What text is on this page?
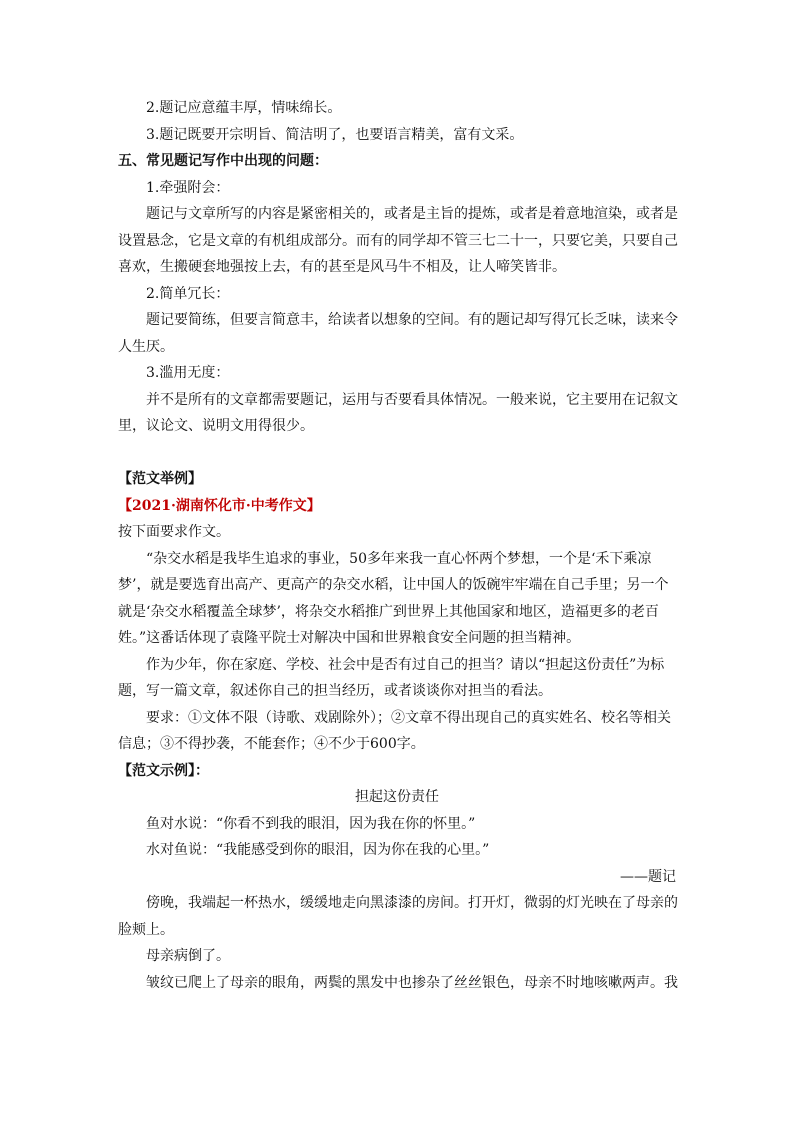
2.题记应意蕴丰厚，情味绵长。
3.题记既要开宗明旨、简洁明了，也要语言精美，富有文采。
五、常见题记写作中出现的问题：
1.牵强附会：
题记与文章所写的内容是紧密相关的，或者是主旨的提炼，或者是着意地渲染，或者是
设置悬念，它是文章的有机组成部分。而有的同学却不管三七二十一，只要它美，只要自己
喜欢，生搬硬套地强按上去，有的甚至是风马牛不相及，让人啼笑皆非。
2.简单冗长：
题记要简练，但要言简意丰，给读者以想象的空间。有的题记却写得冗长乏味，读来令
人生厌。
3.滥用无度：
并不是所有的文章都需要题记，运用与否要看具体情况。一般来说，它主要用在记叙文
里，议论文、说明文用得很少。
【范文举例】
【2021·湖南怀化市·中考作文】
按下面要求作文。
“杂交水稻是我毕生追求的事业，50多年来我一直心怀两个梦想，一个是‘禾下乘凉
梦’，就是要选育出高产、更高产的杂交水稻，让中国人的饭碗牢牢端在自己手里；另一个
就是‘杂交水稻覆盖全球梦’，将杂交水稻推广到世界上其他国家和地区，造福更多的老百
姓。”这番话体现了袁隆平院士对解决中国和世界粮食安全问题的担当精神。
作为少年，你在家庭、学校、社会中是否有过自己的担当？请以“担起这份责任”为标
题，写一篇文章，叙述你自己的担当经历，或者谈谈你对担当的看法。
要求：①文体不限（诗歌、戏剧除外）；②文章不得出现自己的真实姓名、校名等相关
信息；③不得抄袭，不能套作；④不少于600字。
【范文示例】：
担起这份责任
鱼对水说：“你看不到我的眼泪，因为我在你的怀里。”
水对鱼说：“我能感受到你的眼泪，因为你在我的心里。”
——题记
傍晚，我端起一杯热水，缓缓地走向黑漆漆的房间。打开灯，微弱的灯光映在了母亲的
脸颊上。
母亲病倒了。
皱纹已爬上了母亲的眼角，两鬓的黑发中也掺杂了丝丝银色，母亲不时地咳嗽两声。我
